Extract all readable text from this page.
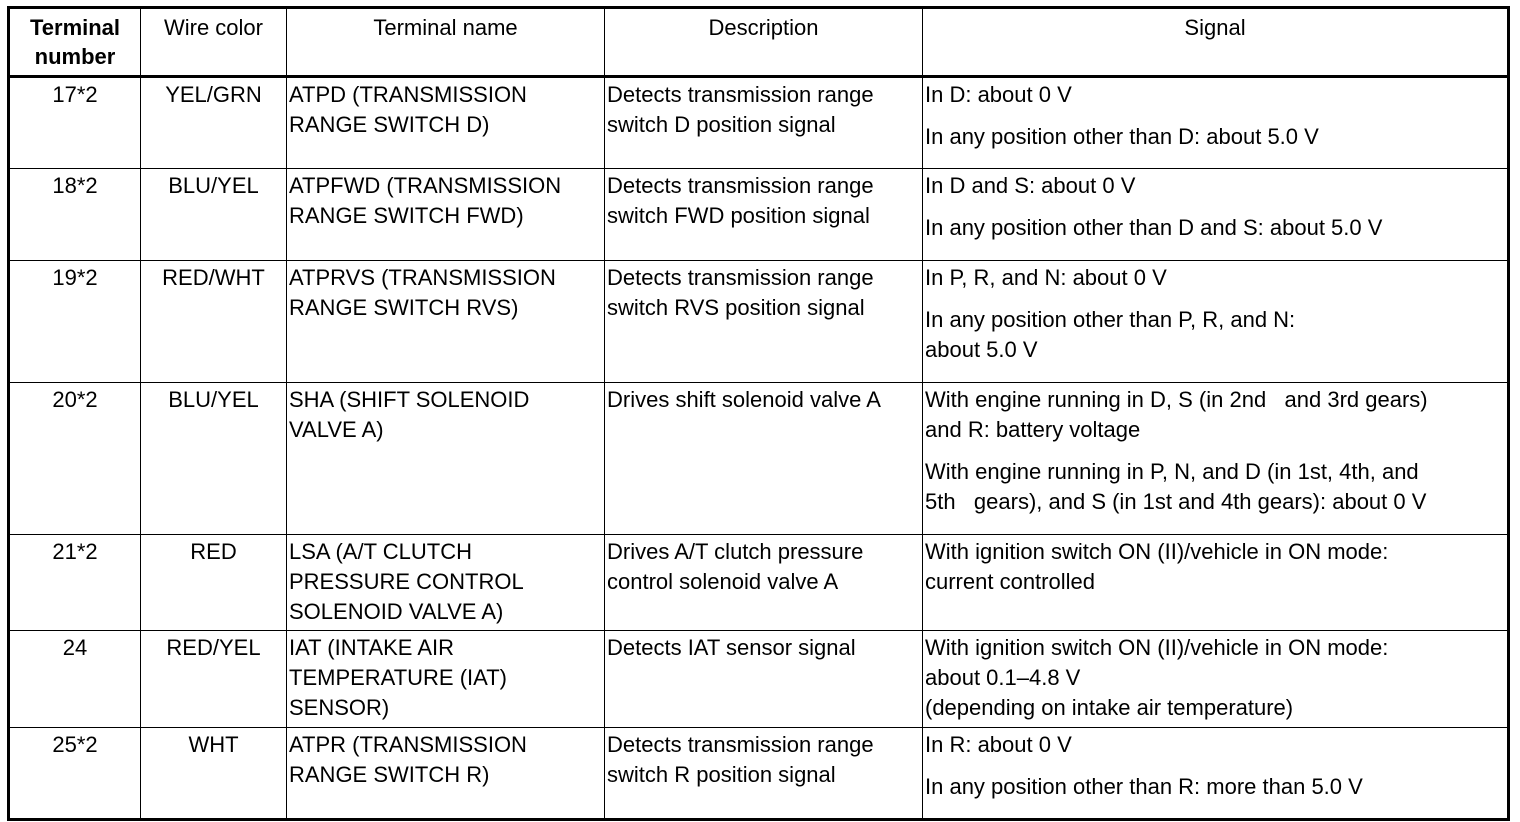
Terminal
number	Wire color	Terminal name	Description	Signal
17*2	YEL/GRN	ATPD (TRANSMISSION
RANGE SWITCH D)	Detects transmission range
switch D position signal	In D: about 0 V
In any position other than D: about 5.0 V

18*2	BLU/YEL	ATPFWD (TRANSMISSION
RANGE SWITCH FWD)	Detects transmission range
switch FWD position signal	In D and S: about 0 V
In any position other than D and S: about 5.0 V

19*2	RED/WHT	ATPRVS (TRANSMISSION
RANGE SWITCH RVS)	Detects transmission range
switch RVS position signal	In P, R, and N: about 0 V
In any position other than P, R, and N:
about 5.0 V

20*2	BLU/YEL	SHA (SHIFT SOLENOID
VALVE A)	Drives shift solenoid valve A	With engine running in D, S (in 2nd   and 3rd gears)
and R: battery voltage
With engine running in P, N, and D (in 1st, 4th, and
5th   gears), and S (in 1st and 4th gears): about 0 V

21*2	RED	LSA (A/T CLUTCH
PRESSURE CONTROL
SOLENOID VALVE A)	Drives A/T clutch pressure
control solenoid valve A	With ignition switch ON (II)/vehicle in ON mode:
current controlled

24	RED/YEL	IAT (INTAKE AIR
TEMPERATURE (IAT)
SENSOR)	Detects IAT sensor signal	With ignition switch ON (II)/vehicle in ON mode:
about 0.1–4.8 V
(depending on intake air temperature)

25*2	WHT	ATPR (TRANSMISSION
RANGE SWITCH R)	Detects transmission range
switch R position signal	In R: about 0 V
In any position other than R: more than 5.0 V
